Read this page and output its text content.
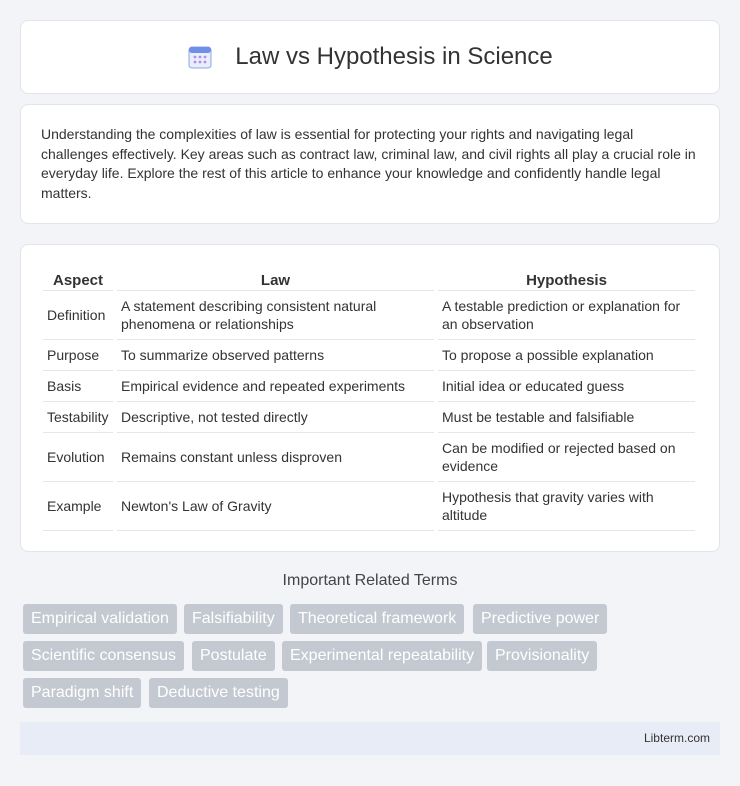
Law vs Hypothesis in Science

Understanding the complexities of law is essential for protecting your rights and navigating legal challenges effectively. Key areas such as contract law, criminal law, and civil rights all play a crucial role in everyday life. Explore the rest of this article to enhance your knowledge and confidently handle legal matters.

Aspect	Law	Hypothesis
Definition	A statement describing consistent natural phenomena or relationships	A testable prediction or explanation for an observation
Purpose	To summarize observed patterns	To propose a possible explanation
Basis	Empirical evidence and repeated experiments	Initial idea or educated guess
Testability	Descriptive, not tested directly	Must be testable and falsifiable
Evolution	Remains constant unless disproven	Can be modified or rejected based on evidence
Example	Newton's Law of Gravity	Hypothesis that gravity varies with altitude
Important Related Terms
Empirical validation	Falsifiability	Theoretical framework	Predictive power
Scientific consensus	Postulate	Experimental repeatability	Provisionality
Paradigm shift	Deductive testing
Libterm.com
